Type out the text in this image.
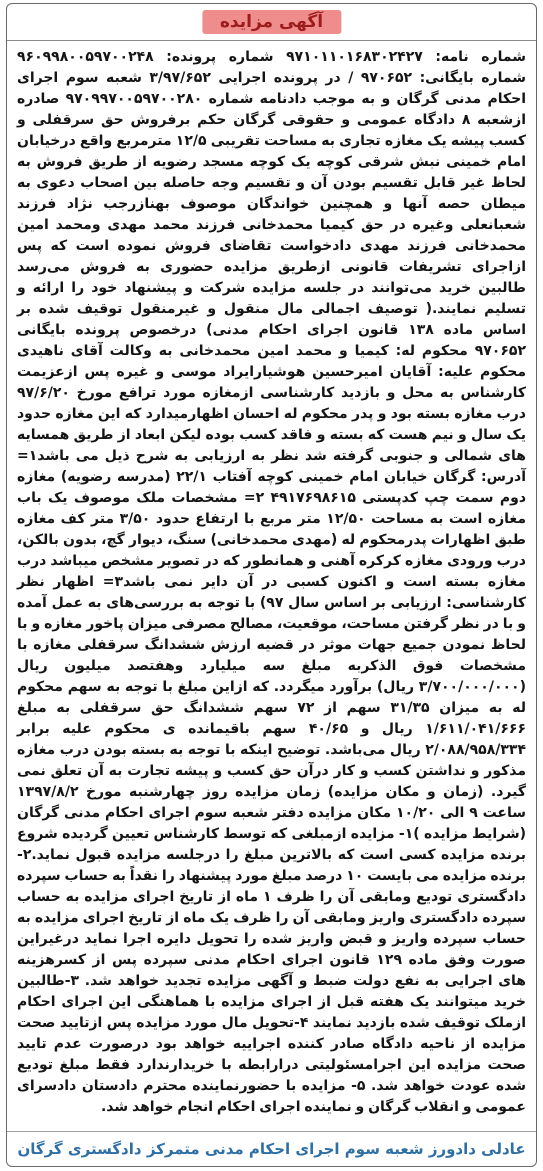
آگهی مزایده

شماره نامه: ۹۷۱۰۱۱۰۱۶۸۳۰۲۴۲۷ شماره پرونده: ۹۶۰۹۹۸۰۰۵۹۷۰۰۲۴۸ شماره بایگانی: ۹۷۰۶۵۲ / در پرونده اجرایی ۳/۹۷/۶۵۲ شعبه سوم اجرای احکام مدنی گرگان و به موجب دادنامه شماره ۹۷۰۹۹۷۰۰۵۹۷۰۰۲۸۰ صادره ازشعبه ۸ دادگاه عمومی و حقوقی گرگان حکم برفروش حق سرقفلی و کسب پیشه یک مغازه تجاری به مساحت تقریبی ۱۲/۵ مترمربع واقع درخیابان امام خمینی نبش شرقی کوچه یک کوچه مسجد رضویه از طریق فروش به لحاظ غیر قابل تقسیم بودن آن و تقسیم وجه حاصله بین اصحاب دعوی به میطان حصه آنها و همچنین خواندگان موصوف بهنازرجب نژاد فرزند شعبانعلی وغیره در حق کیمیا محمدخانی فرزند محمد مهدی ومحمد امین محمدخانی فرزند مهدی دادخواست تقاضای فروش نموده است که پس ازاجرای تشریفات قانونی ازطریق مزایده حضوری به فروش می‌رسد طالبین خرید می‌توانند در جلسه مزایده شرکت و پیشنهاد خود را ارائه و تسلیم نمایند.( توصیف اجمالی مال منقول و غیرمنقول توقیف شده بر اساس ماده ۱۳۸ قانون اجرای احکام مدنی) درخصوص پرونده بایگانی ۹۷۰۶۵۲ محکوم له: کیمیا و محمد امین محمدخانی به وکالت آقای ناهیدی محکوم علیه: آقایان امیرحسین هوشیارایراد موسی و غیره پس ازعزیمت کارشناس به محل و بازدید کارشناسی ازمغازه مورد ترافع مورخ ۹۷/۶/۲۰ درب مغازه بسته بود و پدر محکوم له احسان اظهارمیدارد که این مغازه حدود یک سال و نیم هست که بسته و فاقد کسب بوده لیکن ابعاد از طریق همسایه های شمالی و جنوبی گرفته شد نظر به ارزیابی به شرح ذیل می باشد۱= آدرس: گرگان خیابان امام خمینی کوچه آفتاب ۲۲/۱ (مدرسه رضویه) مغازه دوم سمت چپ کدپستی ۴۹۱۷۶۹۸۶۱۵ ۲= مشخصات ملک موصوف یک باب مغازه است به مساحت ۱۲/۵۰ متر مربع با ارتفاع حدود ۳/۵۰ متر کف مغازه طبق اظهارات پدرمحکوم له (مهدی محمدخانی) سنگ، دیوار گچ، بدون بالکن، درب ورودی مغازه کرکره آهنی و همانطور که در تصویر مشخص میباشد درب مغازه بسته است و اکنون کسبی در آن دایر نمی باشد۳= اظهار نظر کارشناسی: ارزیابی بر اساس سال ۹۷) با توجه به بررسی‌های به عمل آمده و با در نظر گرفتن مساحت، موقعیت، مصالح مصرفی میزان پاخور مغازه و با لحاظ نمودن جمیع جهات موثر در قضیه ارزش ششدانگ سرقفلی مغازه با مشخصات فوق الذکربه مبلغ سه میلیارد وهفتصد میلیون ریال (۳/۷۰۰/۰۰۰/۰۰۰ ریال) برآورد میگردد. که ازاین مبلغ با توجه به سهم محکوم له به میزان ۳۱/۳۵ سهم از ۷۲ سهم ششدانگ حق سرقفلی به مبلغ ۱/۶۱۱/۰۴۱/۶۶۶ ریال و ۴۰/۶۵ سهم باقیمانده ی محکوم علیه برابر ۲/۰۸۸/۹۵۸/۳۳۴ ریال می‌باشد. توضیح اینکه با توجه به بسته بودن درب مغازه مذکور و نداشتن کسب و کار درآن حق کسب و پیشه تجارت به آن تعلق نمی گیرد. (زمان و مکان مزایده) زمان مزایده روز چهارشنبه مورخ ۱۳۹۷/۸/۲ ساعت ۹ الی ۱۰/۲۰ مکان مزایده دفتر شعبه سوم اجرای احکام مدنی گرگان (شرایط مزایده )۱- مزایده ازمبلغی که توسط کارشناس تعیین گردیده شروع برنده مزایده کسی است که بالاترین مبلغ را درجلسه مزایده قبول نماید.۲-برنده مزایده می بایست ۱۰ درصد مبلغ مورد پیشنهاد را نقداً به حساب سپرده دادگستری تودیع ومابقی آن را ظرف ۱ ماه از تاریخ اجرای مزایده به حساب سپرده دادگستری واریز ومابقی آن را ظرف یک ماه از تاریخ اجرای مزایده به حساب سپرده واریز و قبض واریز شده را تحویل دایره اجرا نماید درغیراین صورت وفق ماده ۱۲۹ قانون اجرای احکام مدنی سپرده پس از کسرهزینه های اجرایی به نفع دولت ضبط و آگهی مزایده تجدید خواهد شد. ۳-طالبین خرید میتوانند یک هفته قبل از اجرای مزایده با هماهنگی این اجرای احکام ازملک توقیف شده بازدید نمایند ۴-تحویل مال مورد مزایده پس ازتایید صحت مزایده از ناحیه دادگاه صادر کننده اجراییه خواهد بود درصورت عدم تایید صحت مزایده این اجرامسئولیتی درارابطه با خریدارندارد فقط مبلغ تودیع شده عودت خواهد شد. ۵- مزایده با حضورنماینده محترم دادستان دادسرای عمومی و انقلاب گرگان و نماینده اجرای احکام انجام خواهد شد.

عادلی دادورز شعبه سوم اجرای احکام مدنی متمرکز دادگستری گرگان
